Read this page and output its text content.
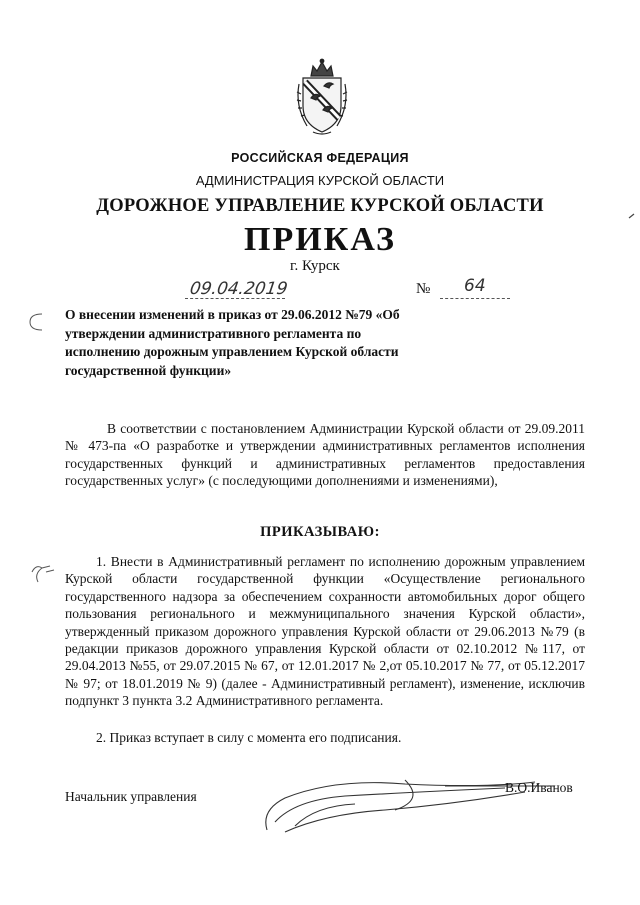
РОССИЙСКАЯ ФЕДЕРАЦИЯ
АДМИНИСТРАЦИЯ КУРСКОЙ ОБЛАСТИ
ДОРОЖНОЕ УПРАВЛЕНИЕ КУРСКОЙ ОБЛАСТИ
ПРИКАЗ
г. Курск
09.04.2019	№ 64
О внесении изменений в приказ от 29.06.2012 №79 «Об утверждении административного регламента по исполнению дорожным управлением Курской области государственной функции»
В соответствии с постановлением Администрации Курской области от 29.09.2011 № 473-па «О разработке и утверждении административных регламентов исполнения государственных функций и административных регламентов предоставления государственных услуг» (с последующими дополнениями и изменениями),
ПРИКАЗЫВАЮ:
1. Внести в Административный регламент по исполнению дорожным управлением Курской области государственной функции «Осуществление регионального государственного надзора за обеспечением сохранности автомобильных дорог общего пользования регионального и межмуниципального значения Курской области», утвержденный приказом дорожного управления Курской области от 29.06.2013 №79 (в редакции приказов дорожного управления Курской области от 02.10.2012 №117, от 29.04.2013 №55, от 29.07.2015 № 67, от 12.01.2017 № 2,от 05.10.2017 № 77, от 05.12.2017 № 97; от 18.01.2019 № 9) (далее - Административный регламент), изменение, исключив подпункт 3 пункта 3.2 Административного регламента.
2. Приказ вступает в силу с момента его подписания.
Начальник управления
В.О.Иванов
